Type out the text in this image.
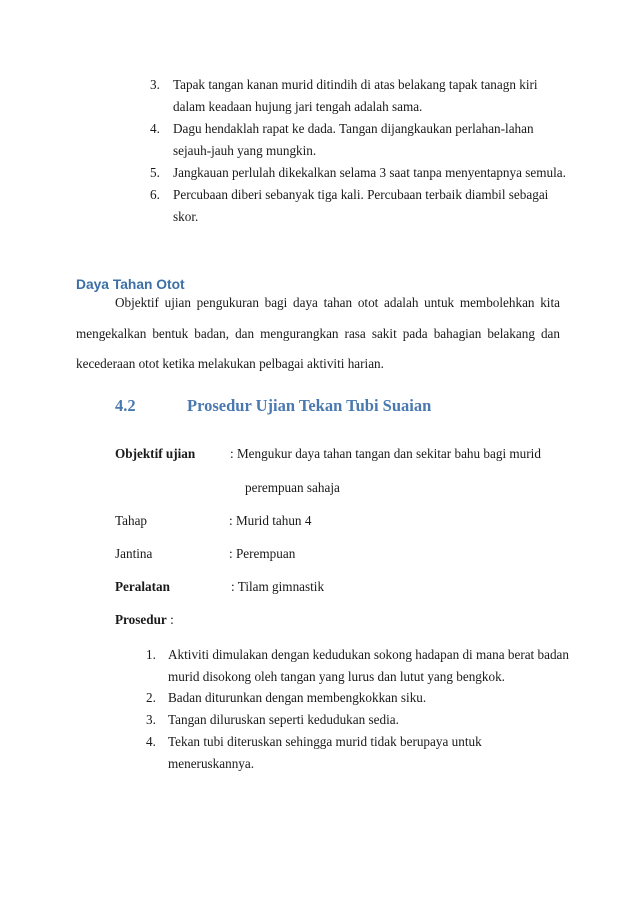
3. Tapak tangan kanan murid ditindih di atas belakang tapak tanagn kiri
dalam keadaan hujung jari tengah adalah sama.
4. Dagu hendaklah rapat ke dada. Tangan dijangkaukan perlahan-lahan
sejauh-jauh yang mungkin.
5. Jangkauan perlulah dikekalkan selama 3 saat tanpa menyentapnya semula.
6. Percubaan diberi sebanyak tiga kali. Percubaan terbaik diambil sebagai
skor.
Daya Tahan Otot
Objektif ujian pengukuran bagi daya tahan otot adalah untuk membolehkan kita
mengekalkan bentuk badan, dan mengurangkan rasa sakit pada bahagian belakang dan
kecederaan otot ketika melakukan pelbagai aktiviti harian.
4.2	Prosedur Ujian Tekan Tubi Suaian
Objektif ujian	: Mengukur daya tahan tangan dan sekitar bahu bagi murid
perempuan sahaja
Tahap	: Murid tahun 4
Jantina	: Perempuan
Peralatan	: Tilam gimnastik
Prosedur :
1. Aktiviti dimulakan dengan kedudukan sokong hadapan di mana berat badan
murid disokong oleh tangan yang lurus dan lutut yang bengkok.
2. Badan diturunkan dengan membengkokkan siku.
3. Tangan diluruskan seperti kedudukan sedia.
4. Tekan tubi diteruskan sehingga murid tidak berupaya untuk
meneruskannya.
